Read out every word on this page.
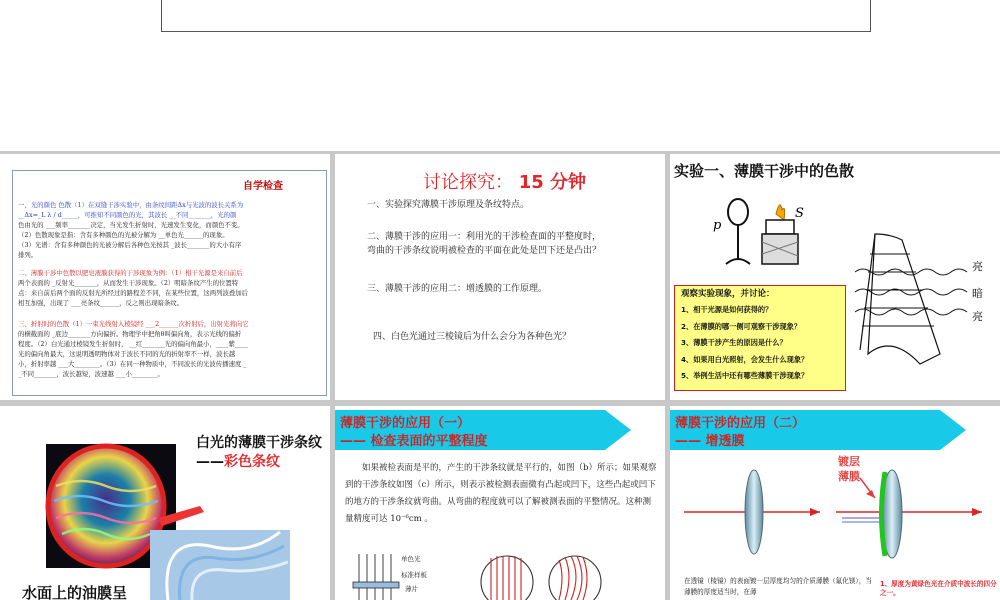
自学检查
一、光的颜色 色散（1）在双缝干涉实验中，由条纹间距Δx与光波的波长关系为
__Δx=_L λ / d_____，可推知不同颜色的光，其波长 __不同_______，光的颜
色由光的 ___频率_______决定，当光发生折射时，光速发生变化，而颜色不变。
（2）色散现象是指：含有多种颜色的光被分解为 __单色光______的现象。
（3）光谱：含有多种颜色的光被分解后各种色光按其 _波长_______的大小有序
排列。
二、薄膜干涉中色散以肥皂液膜获得的干涉现象为例：（1）相干光源是来自前后
两个表面的 _反射光_______，从而发生干涉现象。（2）明暗条纹产生的位置特
点：来自前后两个面的反射光所经过的路程差不同，在某些位置，这两列波叠加后
相互加强，出现了 ___亮条纹______，反之则出现暗条纹。
三、折射时的色散（1）一束光线射入棱镜经 ___2______次折射后，出射光将向它
的横截面的 _底边_______方向偏折。物理学中把角θ叫偏向角，表示光线的偏折
程度。（2）白光通过棱镜发生折射时， __红_______光的偏向角最小，____紫____
光的偏向角最大，这说明透明物体对于波长不同的光的折射率不一样，波长越
小，折射率越 ___大________。（3）在同一种物质中，不同波长的光波传播速度 _
_不同_______，波长越短，波速越 ___小________。
讨论探究： 15 分钟
一、实验探究薄膜干涉原理及条纹特点。
二、薄膜干涉的应用一：利用光的干涉检查面的平整度时，
弯曲的干涉条纹说明被检查的平面在此处是凹下还是凸出？
三、薄膜干涉的应用二：增透膜的工作原理。
四、白色光通过三棱镜后为什么会分为各种色光？
实验一、薄膜干涉中的色散
p
S
亮
暗
亮
观察实验现象，并讨论：
1、相干光源是如何获得的？
2、在薄膜的哪一侧可观察干涉现象？
3、薄膜干涉产生的原因是什么？
4、如果用白光照射，会发生什么现象？
5、举例生活中还有哪些薄膜干涉现象？
白光的薄膜干涉条纹——彩色条纹
水面上的油膜呈
薄膜干涉的应用（一）
—— 检查表面的平整程度
如果被检表面是平的，产生的干涉条纹就是平行的，如图（b）所示；如果观察到的干涉条纹如图（c）所示，则表示被检测表面微有凸起或凹下，这些凸起或凹下的地方的干涉条纹就弯曲。从弯曲的程度就可以了解被测表面的平整情况。这种测量精度可达 10⁻⁶cm 。
单色光
标准样板
薄片
薄膜干涉的应用（二）
—— 增透膜
镀层
薄膜
在透镜（棱镜）的表面镀一层厚度均匀的介质薄膜（氟化镁），当薄膜的厚度适当时，在薄
1、厚度为黄绿色光在介质中波长的四分之一。
